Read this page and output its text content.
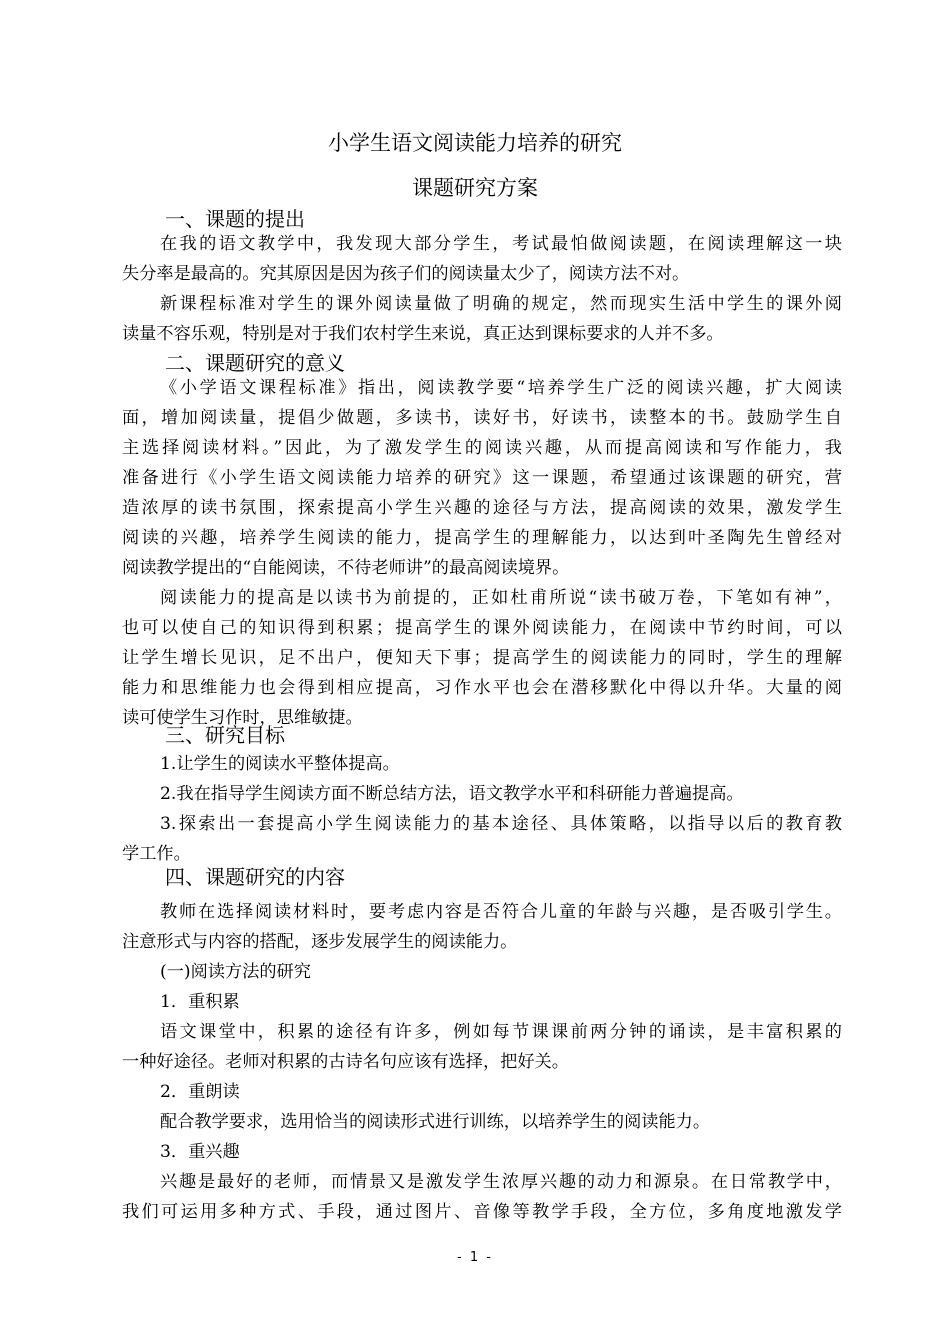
小学生语文阅读能力培养的研究
课题研究方案
一、课题的提出
在我的语文教学中，我发现大部分学生，考试最怕做阅读题，在阅读理解这一块
失分率是最高的。究其原因是因为孩子们的阅读量太少了，阅读方法不对。
新课程标准对学生的课外阅读量做了明确的规定，然而现实生活中学生的课外阅
读量不容乐观，特别是对于我们农村学生来说，真正达到课标要求的人并不多。
二、课题研究的意义
《小学语文课程标准》指出，阅读教学要“培养学生广泛的阅读兴趣，扩大阅读
面，增加阅读量，提倡少做题，多读书，读好书，好读书，读整本的书。鼓励学生自
主选择阅读材料。”因此，为了激发学生的阅读兴趣，从而提高阅读和写作能力，我
准备进行《小学生语文阅读能力培养的研究》这一课题，希望通过该课题的研究，营
造浓厚的读书氛围，探索提高小学生兴趣的途径与方法，提高阅读的效果，激发学生
阅读的兴趣，培养学生阅读的能力，提高学生的理解能力，以达到叶圣陶先生曾经对
阅读教学提出的“自能阅读，不待老师讲”的最高阅读境界。
阅读能力的提高是以读书为前提的，正如杜甫所说“读书破万卷，下笔如有神”，
也可以使自己的知识得到积累；提高学生的课外阅读能力，在阅读中节约时间，可以
让学生增长见识，足不出户，便知天下事；提高学生的阅读能力的同时，学生的理解
能力和思维能力也会得到相应提高，习作水平也会在潜移默化中得以升华。大量的阅
读可使学生习作时，思维敏捷。
三、研究目标
1.让学生的阅读水平整体提高。
2.我在指导学生阅读方面不断总结方法，语文教学水平和科研能力普遍提高。
3.探索出一套提高小学生阅读能力的基本途径、具体策略，以指导以后的教育教
学工作。
四、课题研究的内容
教师在选择阅读材料时，要考虑内容是否符合儿童的年龄与兴趣，是否吸引学生。
注意形式与内容的搭配，逐步发展学生的阅读能力。
(一)阅读方法的研究
1．重积累
语文课堂中，积累的途径有许多，例如每节课课前两分钟的诵读，是丰富积累的
一种好途径。老师对积累的古诗名句应该有选择，把好关。
2．重朗读
配合教学要求，选用恰当的阅读形式进行训练，以培养学生的阅读能力。
3．重兴趣
兴趣是最好的老师，而情景又是激发学生浓厚兴趣的动力和源泉。在日常教学中，
我们可运用多种方式、手段，通过图片、音像等教学手段，全方位，多角度地激发学
- 1 -
